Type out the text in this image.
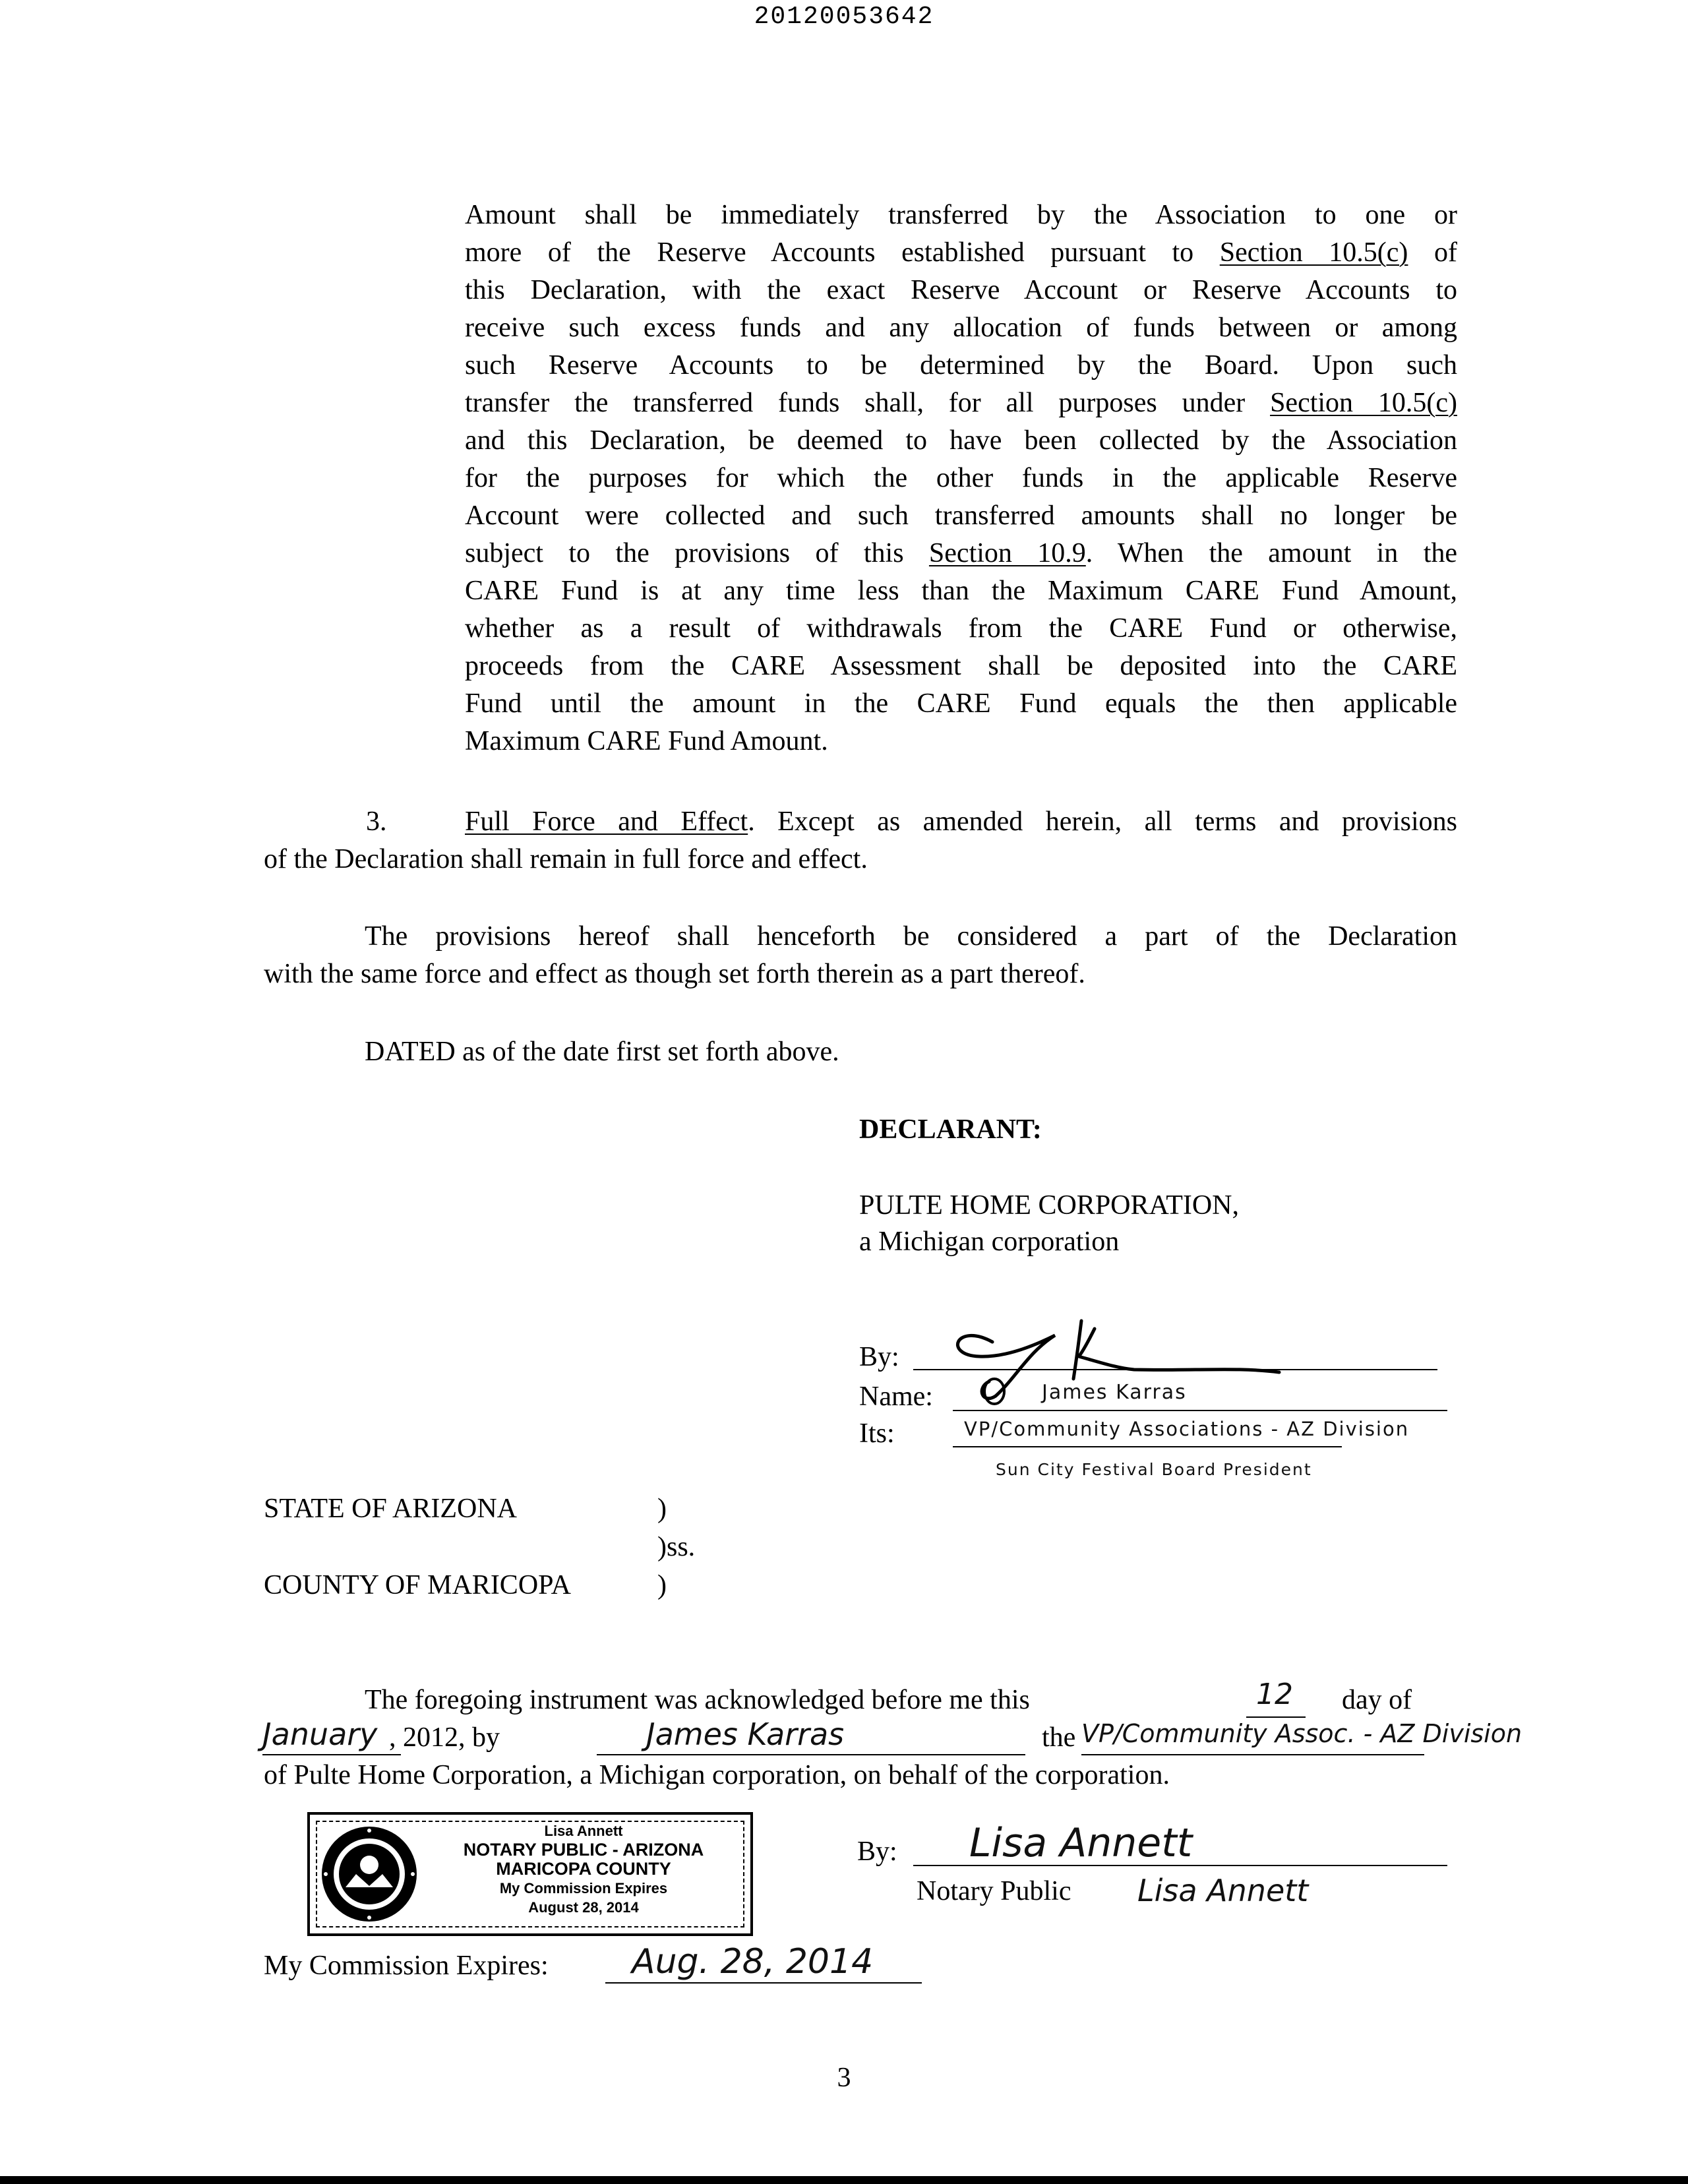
20120053642
Amount shall be immediately transferred by the Association to one or
more of the Reserve Accounts established pursuant to Section 10.5(c) of
this Declaration, with the exact Reserve Account or Reserve Accounts to
receive such excess funds and any allocation of funds between or among
such Reserve Accounts to be determined by the Board. Upon such
transfer the transferred funds shall, for all purposes under Section 10.5(c)
and this Declaration, be deemed to have been collected by the Association
for the purposes for which the other funds in the applicable Reserve
Account were collected and such transferred amounts shall no longer be
subject to the provisions of this Section 10.9. When the amount in the
CARE Fund is at any time less than the Maximum CARE Fund Amount,
whether as a result of withdrawals from the CARE Fund or otherwise,
proceeds from the CARE Assessment shall be deposited into the CARE
Fund until the amount in the CARE Fund equals the then applicable
Maximum CARE Fund Amount.
3.	Full Force and Effect. Except as amended herein, all terms and provisions
of the Declaration shall remain in full force and effect.
The provisions hereof shall henceforth be considered a part of the Declaration
with the same force and effect as though set forth therein as a part thereof.
DATED as of the date first set forth above.
DECLARANT:
PULTE HOME CORPORATION,
a Michigan corporation
By:
Name:	James Karras
Its:	VP/Community Associations - AZ Division
Sun City Festival Board President
STATE OF ARIZONA	)
)ss.
COUNTY OF MARICOPA	)
The foregoing instrument was acknowledged before me this	12 day of
January , 2012, by	James Karras	the VP/Community Assoc. - AZ Division
of Pulte Home Corporation, a Michigan corporation, on behalf of the corporation.
Lisa Annett
NOTARY PUBLIC - ARIZONA
MARICOPA COUNTY
My Commission Expires
August 28, 2014
By: Lisa Annett
Notary Public Lisa Annett
My Commission Expires: Aug. 28, 2014
3
